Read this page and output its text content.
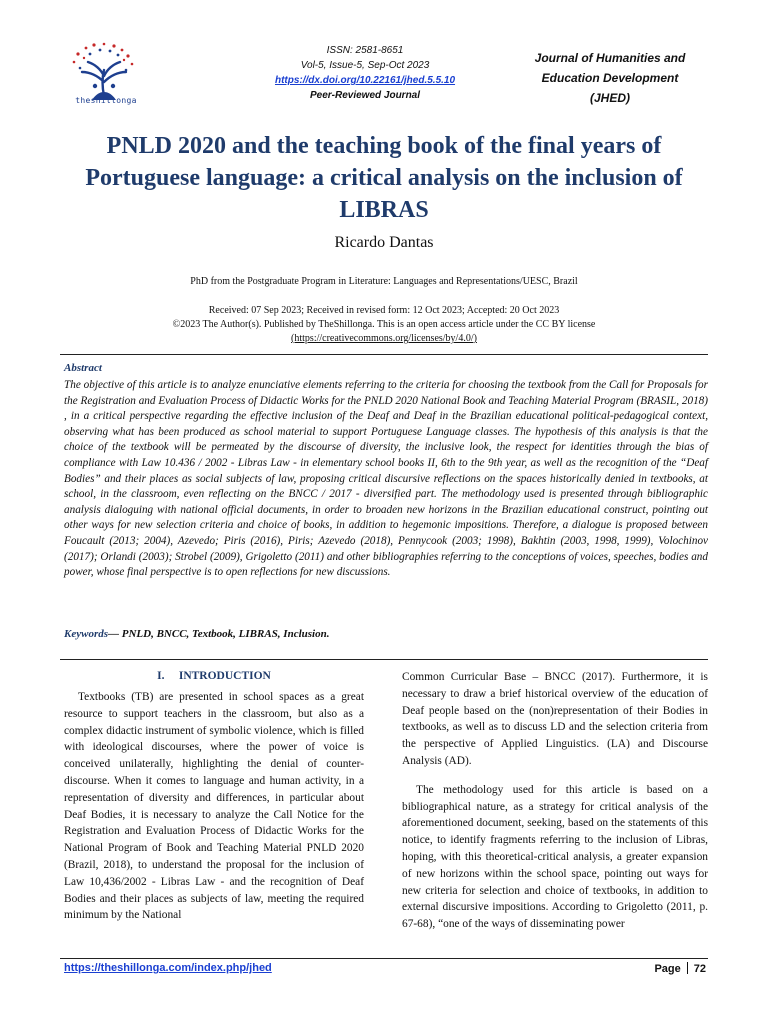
theshillonga
ISSN: 2581-8651
Vol-5, Issue-5, Sep-Oct 2023
https://dx.doi.org/10.22161/jhed.5.5.10
Peer-Reviewed Journal
Journal of Humanities and
Education Development
(JHED)
PNLD 2020 and the teaching book of the final years of Portuguese language: a critical analysis on the inclusion of LIBRAS
Ricardo Dantas
PhD from the Postgraduate Program in Literature: Languages and Representations/UESC, Brazil
Received: 07 Sep 2023; Received in revised form: 12 Oct 2023; Accepted: 20 Oct 2023
©2023 The Author(s). Published by TheShillonga. This is an open access article under the CC BY license
(https://creativecommons.org/licenses/by/4.0/)
Abstract

The objective of this article is to analyze enunciative elements referring to the criteria for choosing the textbook from the Call for Proposals for the Registration and Evaluation Process of Didactic Works for the PNLD 2020 National Book and Teaching Material Program (BRASIL, 2018) , in a critical perspective regarding the effective inclusion of the Deaf and Deaf in the Brazilian educational political-pedagogical context, observing what has been produced as school material to support Portuguese Language classes. The hypothesis of this analysis is that the choice of the textbook will be permeated by the discourse of diversity, the inclusive look, the respect for identities through the bias of compliance with Law 10.436 / 2002 - Libras Law - in elementary school books II, 6th to the 9th year, as well as the recognition of the “Deaf Bodies” and their places as social subjects of law, proposing critical discursive reflections on the spaces historically denied in textbooks, at school, in the classroom, even reflecting on the BNCC / 2017 - diversified part. The methodology used is presented through bibliographic analysis dialoguing with national official documents, in order to broaden new horizons in the Brazilian educational construct, pointing out other ways for new selection criteria and choice of books, in addition to hegemonic impositions. Therefore, a dialogue is proposed between Foucault (2013; 2004), Azevedo; Piris (2016), Piris; Azevedo (2018), Pennycook (2003; 1998), Bakhtin (2003, 1998, 1999), Volochinov (2017); Orlandi (2003); Strobel (2009), Grigoletto (2011) and other bibliographies referring to the conceptions of voices, speeches, bodies and power, whose final perspective is to open reflections for new discussions.

Keywords— PNLD, BNCC, Textbook, LIBRAS, Inclusion.
I.     INTRODUCTION

Textbooks (TB) are presented in school spaces as a great resource to support teachers in the classroom, but also as a complex didactic instrument of symbolic violence, which is filled with ideological discourses, where the power of voice is conceived unilaterally, highlighting the denial of counter-discourse. When it comes to language and human activity, in a representation of diversity and differences, in particular about Deaf Bodies, it is necessary to analyze the Call Notice for the Registration and Evaluation Process of Didactic Works for the National Program of Book and Teaching Material PNLD 2020 (Brazil, 2018), to understand the proposal for the inclusion of Law 10,436/2002 - Libras Law - and the recognition of Deaf Bodies and their places as subjects of law, meeting the required minimum by the National

Common Curricular Base – BNCC (2017). Furthermore, it is necessary to draw a brief historical overview of the education of Deaf people based on the (non)representation of their Bodies in textbooks, as well as to discuss LD and the selection criteria from the perspective of Applied Linguistics. (LA) and Discourse Analysis (AD).

The methodology used for this article is based on a bibliographical nature, as a strategy for critical analysis of the aforementioned document, seeking, based on the statements of this notice, to identify fragments referring to the inclusion of Libras, hoping, with this theoretical-critical analysis, a greater expansion of new horizons within the school space, pointing out ways for new criteria for selection and choice of textbooks, in addition to external discursive impositions. According to Grigoletto (2011, p. 67-68), “one of the ways of disseminating power

https://theshillonga.com/index.php/jhed	Page 72
